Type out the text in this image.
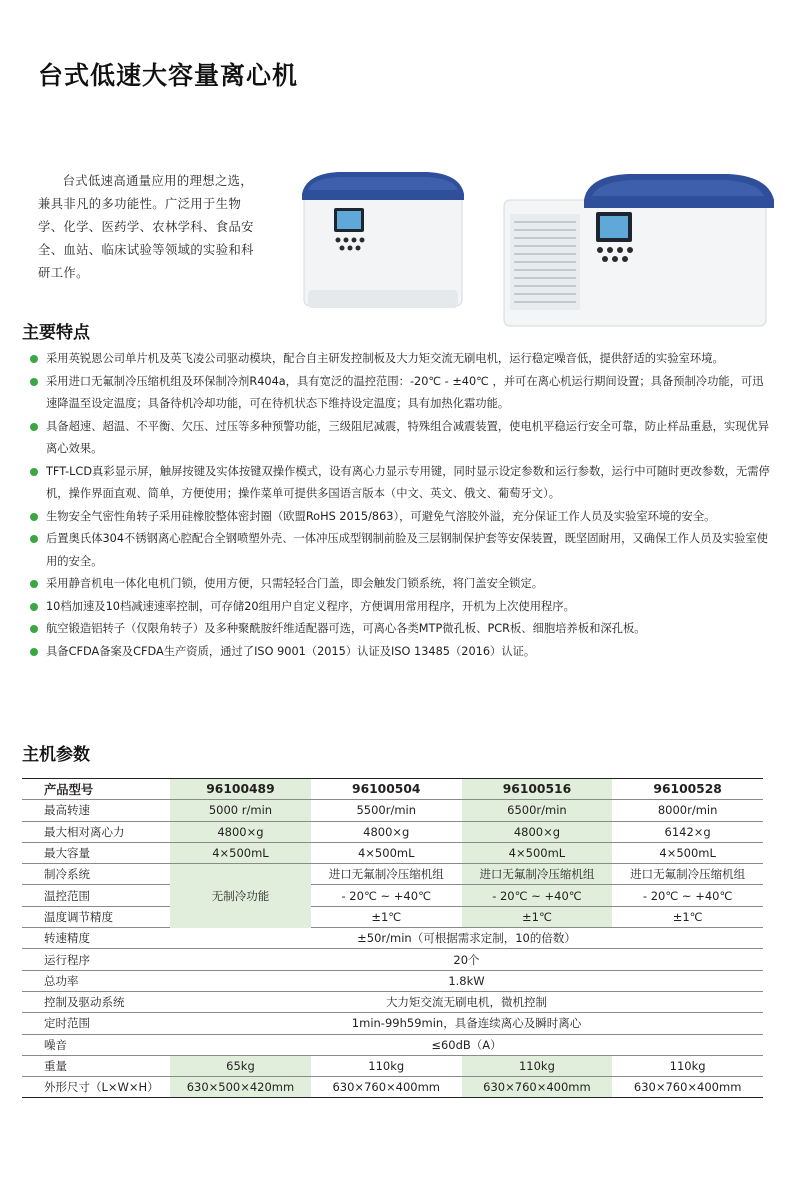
台式低速大容量离心机
台式低速高通量应用的理想之选，兼具非凡的多功能性。广泛用于生物学、化学、医药学、农林学科、食品安全、血站、临床试验等领域的实验和科研工作。
主要特点
采用英锐恩公司单片机及英飞凌公司驱动模块，配合自主研发控制板及大力矩交流无刷电机，运行稳定噪音低，提供舒适的实验室环境。
采用进口无氟制冷压缩机组及环保制冷剂R404a，具有宽泛的温控范围：-20℃ - ±40℃ ，并可在离心机运行期间设置；具备预制冷功能，可迅速降温至设定温度；具备待机冷却功能，可在待机状态下维持设定温度；具有加热化霜功能。
具备超速、超温、不平衡、欠压、过压等多种预警功能，三级阻尼减震，特殊组合减震装置，使电机平稳运行安全可靠，防止样品重悬，实现优异离心效果。
TFT-LCD真彩显示屏，触屏按键及实体按键双操作模式，设有离心力显示专用键，同时显示设定参数和运行参数，运行中可随时更改参数，无需停机，操作界面直观、简单，方便使用；操作菜单可提供多国语言版本（中文、英文、俄文、葡萄牙文）。
生物安全气密性角转子采用硅橡胶整体密封圈（欧盟RoHS 2015/863），可避免气溶胶外溢，充分保证工作人员及实验室环境的安全。
后置奥氏体304不锈钢离心腔配合全钢喷塑外壳、一体冲压成型钢制前脸及三层钢制保护套等安保装置，既坚固耐用，又确保工作人员及实验室使用的安全。
采用静音机电一体化电机门锁，使用方便，只需轻轻合门盖，即会触发门锁系统，将门盖安全锁定。
10档加速及10档减速速率控制，可存储20组用户自定义程序，方便调用常用程序，开机为上次使用程序。
航空锻造铝转子（仅限角转子）及多种聚酰胺纤维适配器可选，可离心各类MTP微孔板、PCR板、细胞培养板和深孔板。
具备CFDA备案及CFDA生产资质，通过了ISO 9001（2015）认证及ISO 13485（2016）认证。
主机参数
产品型号	96100489	96100504	96100516	96100528
最高转速	5000 r/min	5500r/min	6500r/min	8000r/min
最大相对离心力	4800×g	4800×g	4800×g	6142×g
最大容量	4×500mL	4×500mL	4×500mL	4×500mL
制冷系统	无制冷功能	进口无氟制冷压缩机组	进口无氟制冷压缩机组	进口无氟制冷压缩机组
温控范围		- 20℃ ~ +40℃	- 20℃ ~ +40℃	- 20℃ ~ +40℃
温度调节精度		±1℃	±1℃	±1℃
转速精度	±50r/min（可根据需求定制，10的倍数）			
运行程序	20个			
总功率	1.8kW			
控制及驱动系统	大力矩交流无刷电机，微机控制			
定时范围	1min-99h59min，具备连续离心及瞬时离心			
噪音	≤60dB（A）			
重量	65kg	110kg	110kg	110kg
外形尺寸（L×W×H）	630×500×420mm	630×760×400mm	630×760×400mm	630×760×400mm
